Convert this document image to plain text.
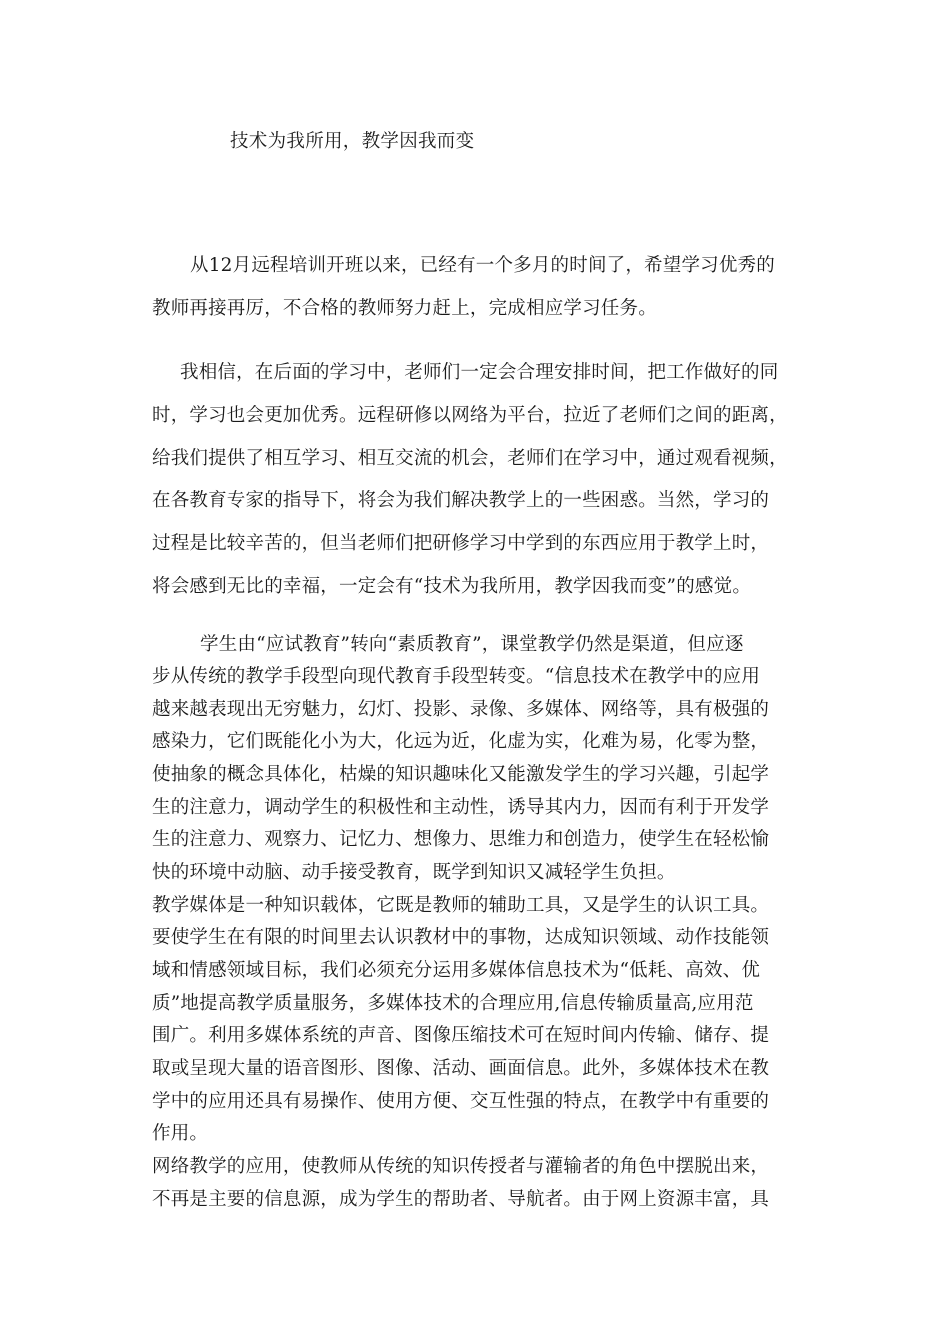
技术为我所用，教学因我而变

从12月远程培训开班以来，已经有一个多月的时间了，希望学习优秀的

教师再接再厉，不合格的教师努力赶上，完成相应学习任务。

我相信，在后面的学习中，老师们一定会合理安排时间，把工作做好的同

时，学习也会更加优秀。远程研修以网络为平台，拉近了老师们之间的距离，

给我们提供了相互学习、相互交流的机会，老师们在学习中，通过观看视频，

在各教育专家的指导下，将会为我们解决教学上的一些困惑。当然，学习的

过程是比较辛苦的，但当老师们把研修学习中学到的东西应用于教学上时，

将会感到无比的幸福，一定会有“技术为我所用，教学因我而变”的感觉。

学生由“应试教育”转向“素质教育”，课堂教学仍然是渠道，但应逐

步从传统的教学手段型向现代教育手段型转变。“信息技术在教学中的应用

越来越表现出无穷魅力，幻灯、投影、录像、多媒体、网络等，具有极强的

感染力，它们既能化小为大，化远为近，化虚为实，化难为易，化零为整，

使抽象的概念具体化，枯燥的知识趣味化又能激发学生的学习兴趣，引起学

生的注意力，调动学生的积极性和主动性，诱导其内力，因而有利于开发学

生的注意力、观察力、记忆力、想像力、思维力和创造力，使学生在轻松愉

快的环境中动脑、动手接受教育，既学到知识又减轻学生负担。

教学媒体是一种知识载体，它既是教师的辅助工具，又是学生的认识工具。

要使学生在有限的时间里去认识教材中的事物，达成知识领域、动作技能领

域和情感领域目标，我们必须充分运用多媒体信息技术为“低耗、高效、优

质”地提高教学质量服务，多媒体技术的合理应用,信息传输质量高,应用范

围广。利用多媒体系统的声音、图像压缩技术可在短时间内传输、储存、提

取或呈现大量的语音图形、图像、活动、画面信息。此外，多媒体技术在教

学中的应用还具有易操作、使用方便、交互性强的特点，在教学中有重要的

作用。

网络教学的应用，使教师从传统的知识传授者与灌输者的角色中摆脱出来，

不再是主要的信息源，成为学生的帮助者、导航者。由于网上资源丰富，具
